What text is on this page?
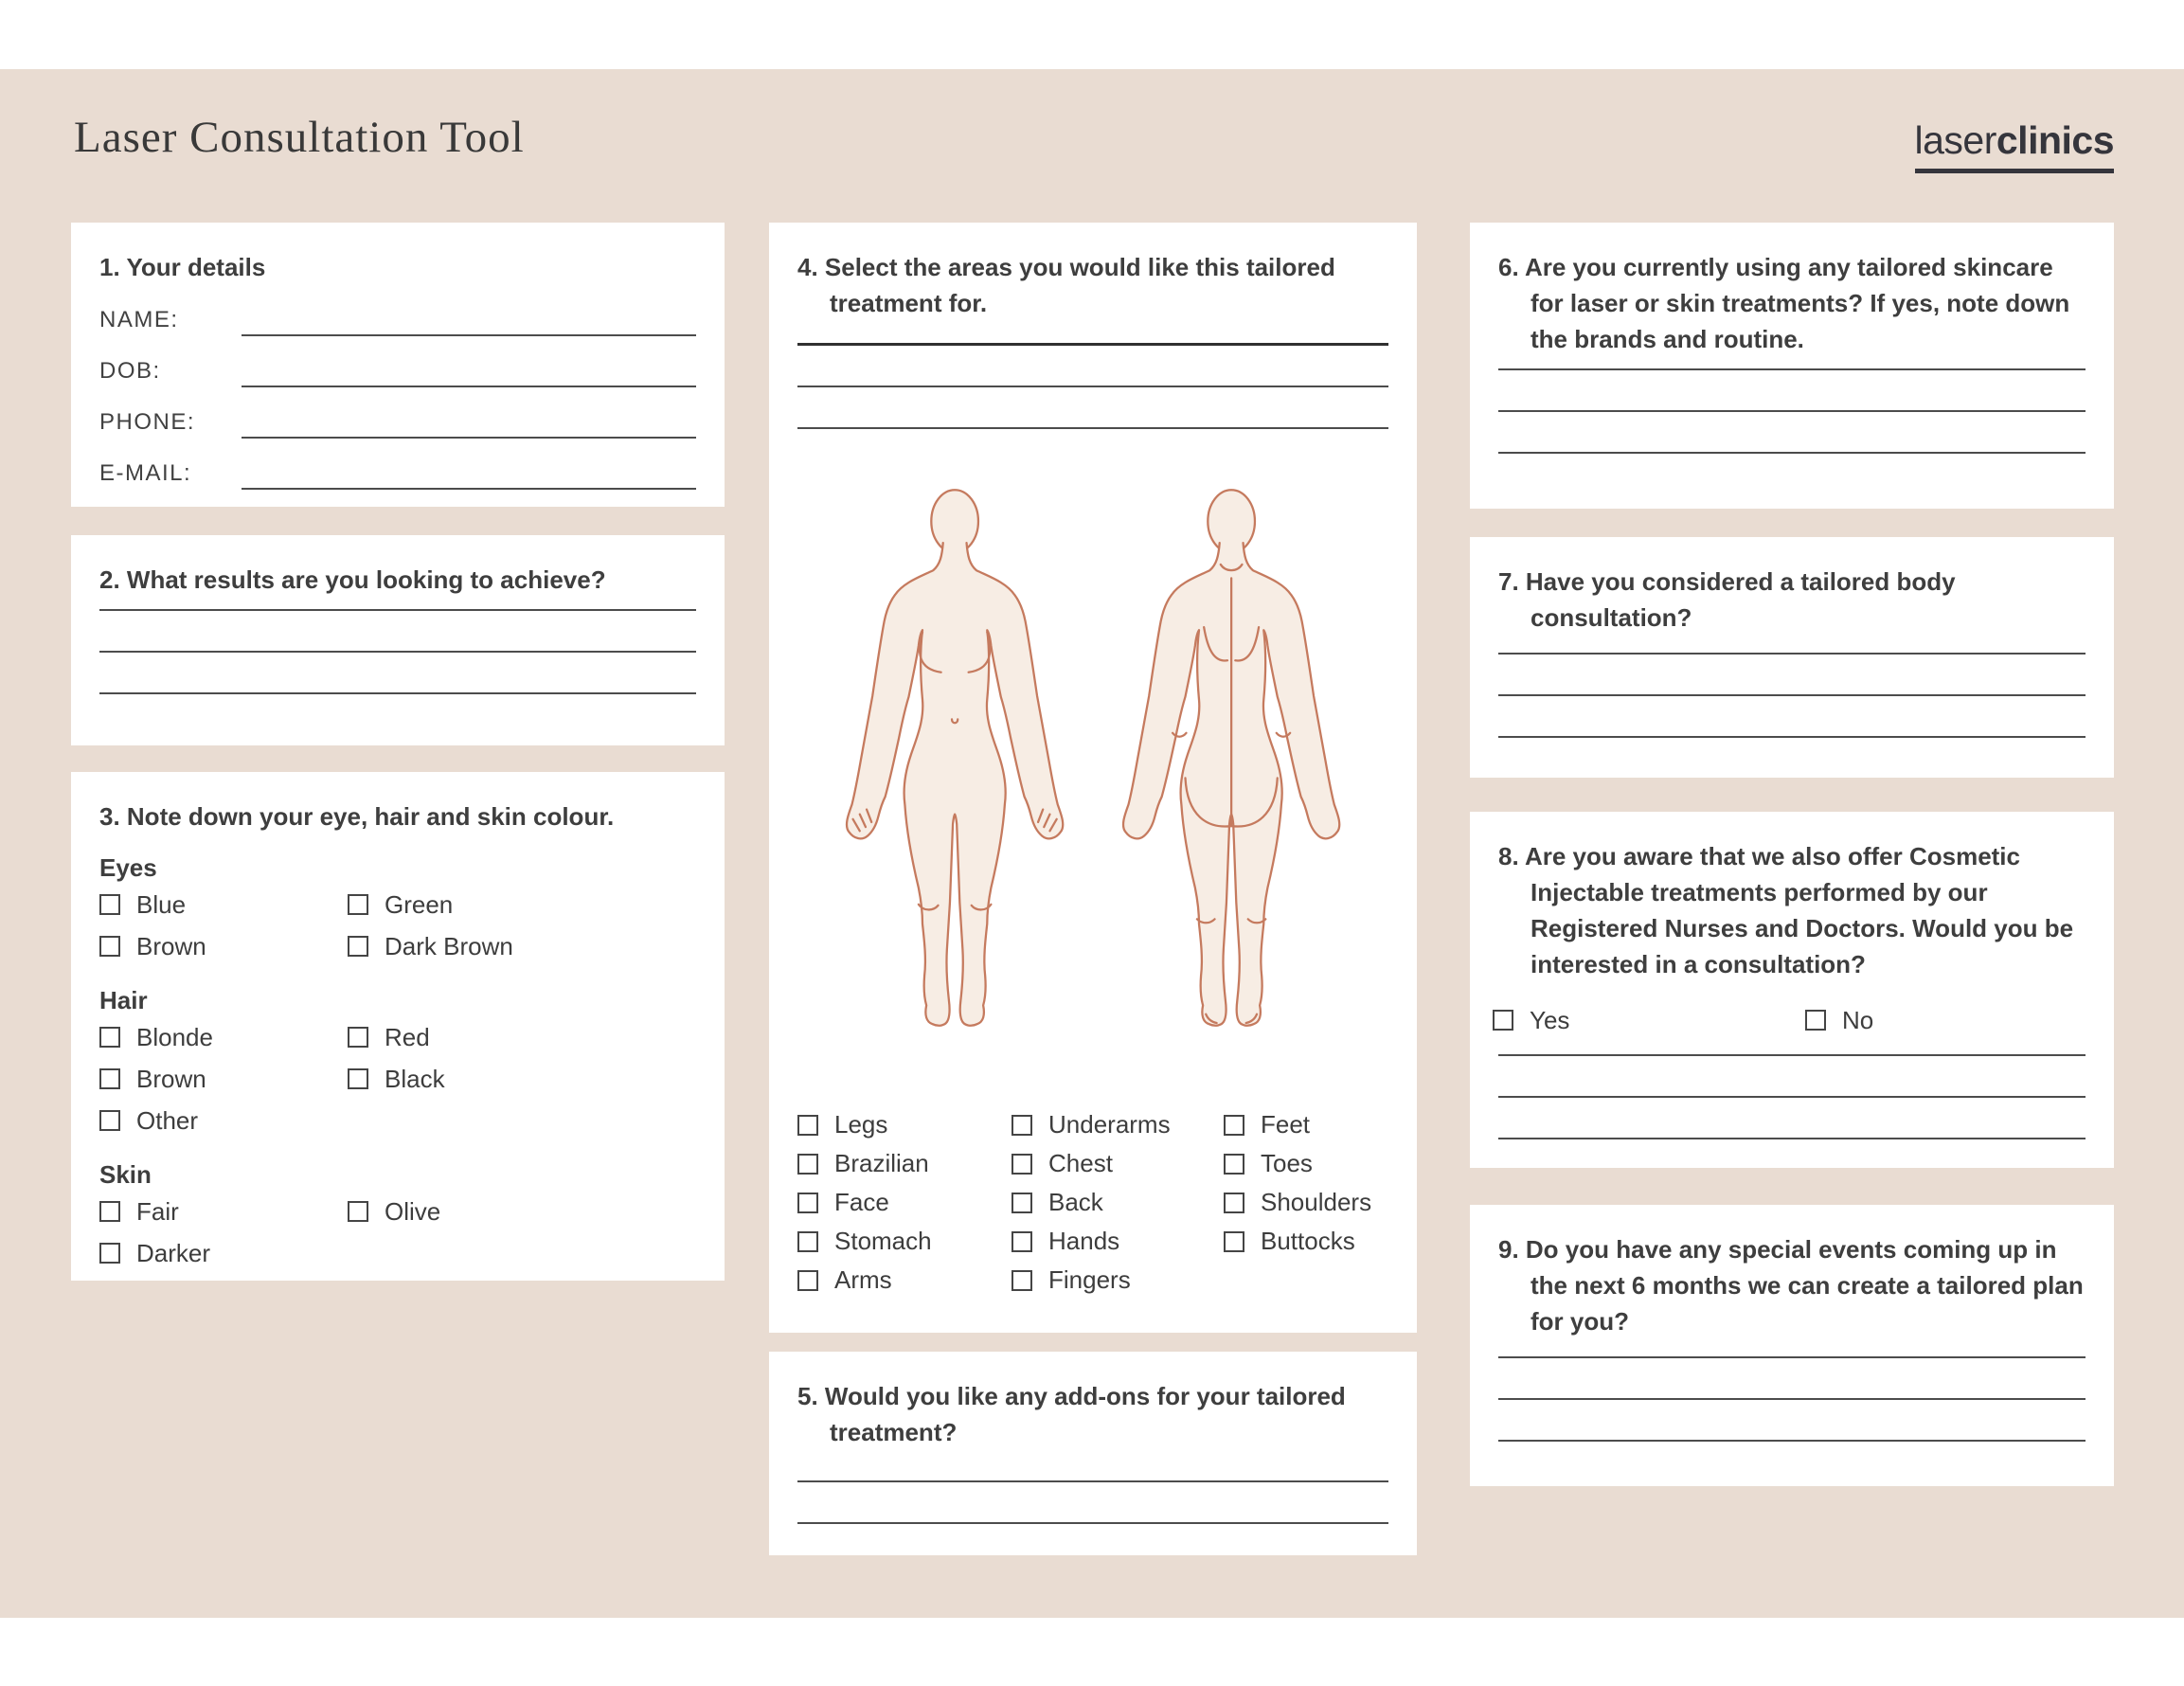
Laser Consultation Tool	laserclinics
1. Your details
NAME:
DOB:
PHONE:
E-MAIL:
2. What results are you looking to achieve?
3. Note down your eye, hair and skin colour.
Eyes
Blue	Green
Brown	Dark Brown
Hair
Blonde	Red
Brown	Black
Other
Skin
Fair	Olive
Darker
4. Select the areas you would like this tailored treatment for.
Legs
Brazilian
Face
Stomach
Arms
Underarms
Chest
Back
Hands
Fingers
Feet
Toes
Shoulders
Buttocks
5. Would you like any add-ons for your tailored treatment?
6. Are you currently using any tailored skincare for laser or skin treatments? If yes, note down the brands and routine.
7. Have you considered a tailored body consultation?
8. Are you aware that we also offer Cosmetic Injectable treatments performed by our Registered Nurses and Doctors. Would you be interested in a consultation?
Yes	No
9. Do you have any special events coming up in the next 6 months we can create a tailored plan for you?
